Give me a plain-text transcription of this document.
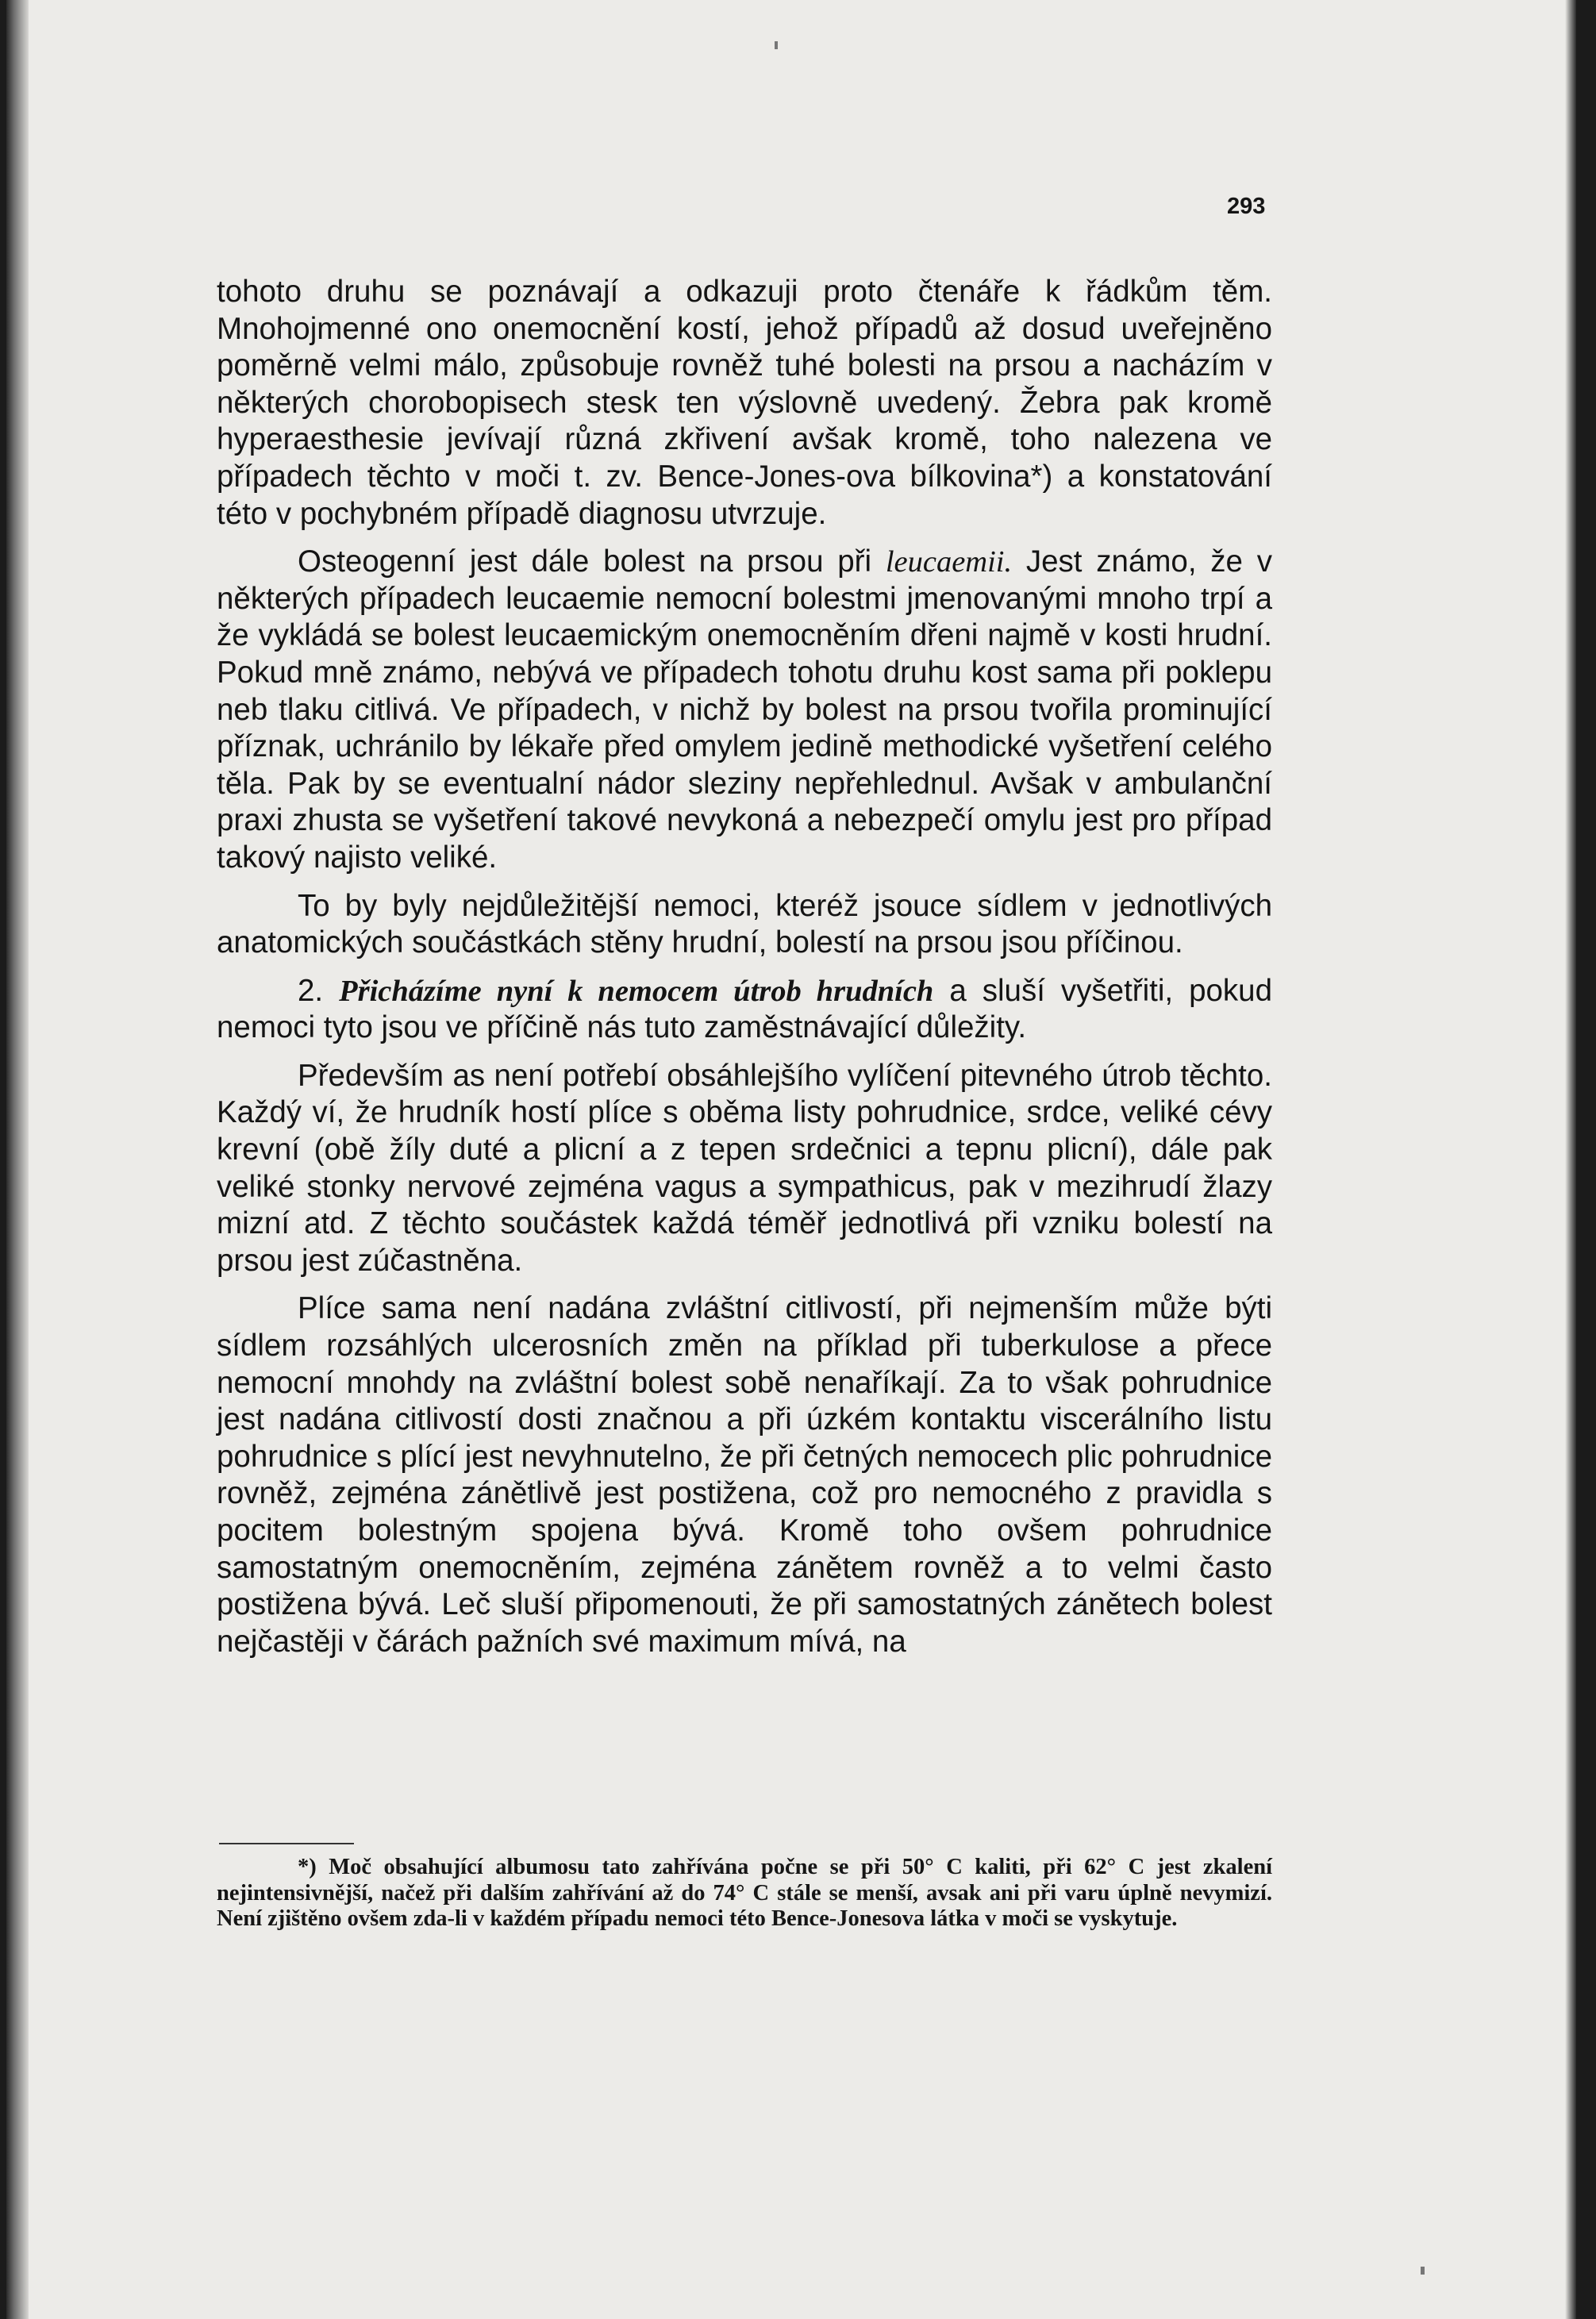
293

tohoto druhu se poznávají a odkazuji proto čtenáře k řádkům těm. Mnohojmenné ono onemocnění kostí, jehož případů až dosud uveřejněno poměrně velmi málo, způsobuje rovněž tuhé bolesti na prsou a nacházím v některých chorobopisech stesk ten výslovně uvedený. Žebra pak kromě hyperaesthesie jevívají různá zkřivení avšak kromě, toho nalezena ve případech těchto v moči t. zv. Bence-Jones-ova bílkovina*) a konstatování této v pochybném případě diagnosu utvrzuje.

Osteogenní jest dále bolest na prsou při leucaemii. Jest známo, že v některých případech leucaemie nemocní bolestmi jmenovanými mnoho trpí a že vykládá se bolest leucaemickým onemocněním dřeni najmě v kosti hrudní. Pokud mně známo, nebývá ve případech tohotu druhu kost sama při poklepu neb tlaku citlivá. Ve případech, v nichž by bolest na prsou tvořila prominující příznak, uchránilo by lékaře před omylem jedině methodické vyšetření celého těla. Pak by se eventualní nádor sleziny nepřehlednul. Avšak v ambulanční praxi zhusta se vyšetření takové nevykoná a nebezpečí omylu jest pro případ takový najisto veliké.

To by byly nejdůležitější nemoci, kteréž jsouce sídlem v jednotlivých anatomických součástkách stěny hrudní, bolestí na prsou jsou příčinou.

2. Přicházíme nyní k nemocem útrob hrudních a sluší vyšetřiti, pokud nemoci tyto jsou ve příčině nás tuto zaměstnávající důležity.

Především as není potřebí obsáhlejšího vylíčení pitevného útrob těchto. Každý ví, že hrudník hostí plíce s oběma listy pohrudnice, srdce, veliké cévy krevní (obě žíly duté a plicní a z tepen srdečnici a tepnu plicní), dále pak veliké stonky nervové zejména vagus a sympathicus, pak v mezihrudí žlazy mizní atd. Z těchto součástek každá téměř jednotlivá při vzniku bolestí na prsou jest zúčastněna.

Plíce sama není nadána zvláštní citlivostí, při nejmenším může býti sídlem rozsáhlých ulcerosních změn na příklad při tuberkulose a přece nemocní mnohdy na zvláštní bolest sobě nenaříkají. Za to však pohrudnice jest nadána citlivostí dosti značnou a při úzkém kontaktu viscerálního listu pohrudnice s plící jest nevyhnutelno, že při četných nemocech plic pohrudnice rovněž, zejména zánětlivě jest postižena, což pro nemocného z pravidla s pocitem bolestným spojena bývá. Kromě toho ovšem pohrudnice samostatným onemocněním, zejména zánětem rovněž a to velmi často postižena bývá. Leč sluší připomenouti, že při samostatných zánětech bolest nejčastěji v čárách pažních své maximum mívá, na

*) Moč obsahující albumosu tato zahřívána počne se při 50° C kaliti, při 62° C jest zkalení nejintensivnější, načež při dalším zahřívání až do 74° C stále se menší, avsak ani při varu úplně nevymizí. Není zjištěno ovšem zda-li v každém případu nemoci této Bence-Jonesova látka v moči se vyskytuje.
